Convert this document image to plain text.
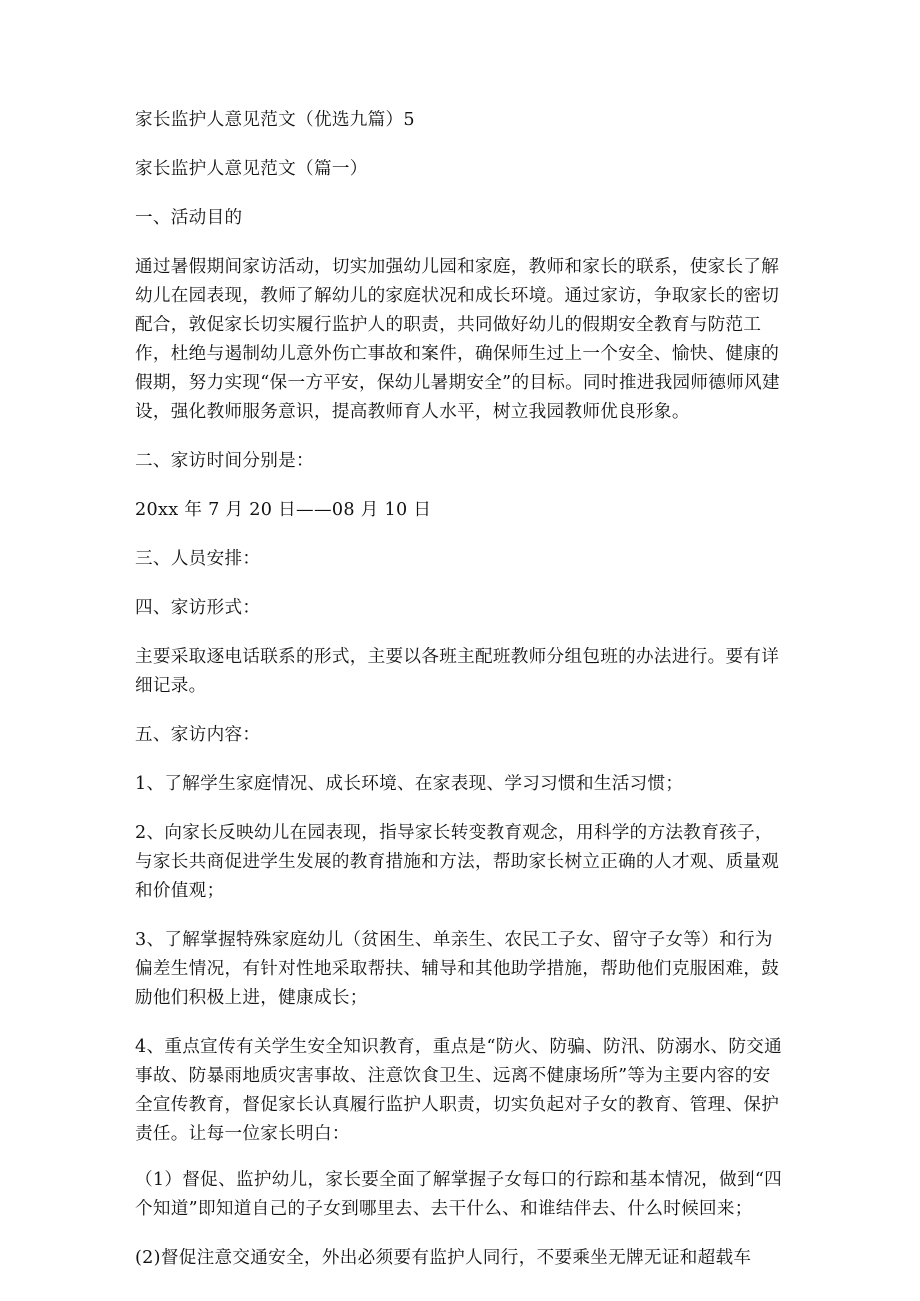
家长监护人意见范文（优选九篇）5

家长监护人意见范文（篇一）

一、活动目的

通过暑假期间家访活动，切实加强幼儿园和家庭，教师和家长的联系，使家长了解幼儿在园表现，教师了解幼儿的家庭状况和成长环境。通过家访，争取家长的密切配合，敦促家长切实履行监护人的职责，共同做好幼儿的假期安全教育与防范工作，杜绝与遏制幼儿意外伤亡事故和案件，确保师生过上一个安全、愉快、健康的假期，努力实现“保一方平安，保幼儿暑期安全”的目标。同时推进我园师德师风建设，强化教师服务意识，提高教师育人水平，树立我园教师优良形象。

二、家访时间分别是：

20xx 年 7 月 20 日——08 月 10 日

三、人员安排：

四、家访形式：

主要采取逐电话联系的形式，主要以各班主配班教师分组包班的办法进行。要有详细记录。

五、家访内容：

1、了解学生家庭情况、成长环境、在家表现、学习习惯和生活习惯；

2、向家长反映幼儿在园表现，指导家长转变教育观念，用科学的方法教育孩子，与家长共商促进学生发展的教育措施和方法，帮助家长树立正确的人才观、质量观和价值观；

3、了解掌握特殊家庭幼儿（贫困生、单亲生、农民工子女、留守子女等）和行为偏差生情况，有针对性地采取帮扶、辅导和其他助学措施，帮助他们克服困难，鼓励他们积极上进，健康成长；

4、重点宣传有关学生安全知识教育，重点是“防火、防骗、防汛、防溺水、防交通事故、防暴雨地质灾害事故、注意饮食卫生、远离不健康场所”等为主要内容的安全宣传教育，督促家长认真履行监护人职责，切实负起对子女的教育、管理、保护责任。让每一位家长明白：

（1）督促、监护幼儿，家长要全面了解掌握子女每口的行踪和基本情况，做到“四个知道”即知道自己的子女到哪里去、去干什么、和谁结伴去、什么时候回来；

(2)督促注意交通安全，外出必须要有监护人同行，不要乘坐无牌无证和超载车
